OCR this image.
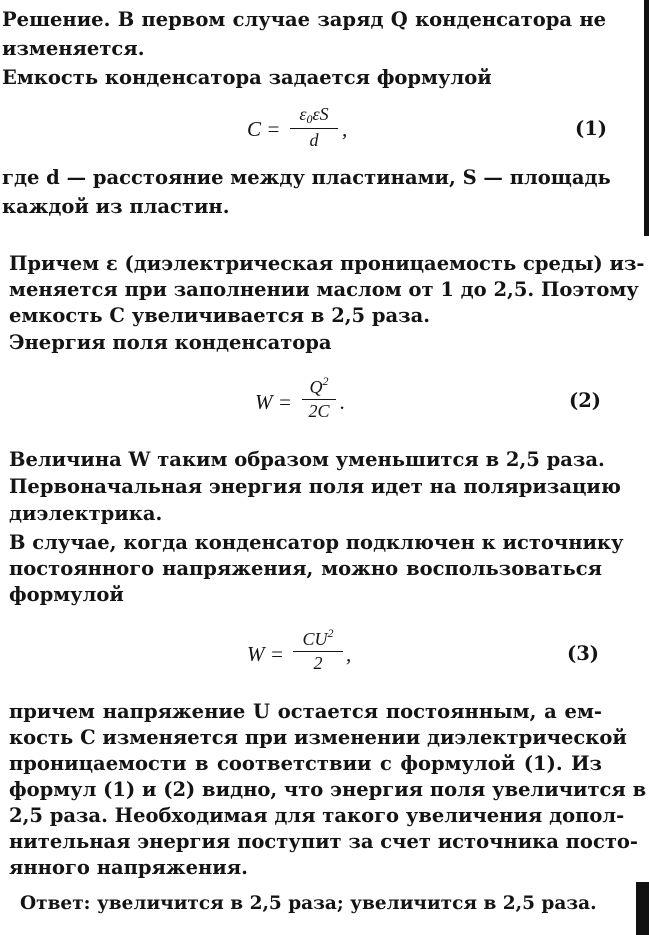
Решение. В первом случае заряд Q конденсатора не
изменяется.
Емкость конденсатора задается формулой
$C = \frac{\varepsilon_0\varepsilon S}{d}$ ,	(1)
где d — расстояние между пластинами, S — площадь
каждой из пластин.
Причем ε (диэлектрическая проницаемость среды) из-
меняется при заполнении маслом от 1 до 2,5. Поэтому
емкость C увеличивается в 2,5 раза.
Энергия поля конденсатора
$W = \frac{Q^2}{2C}$ .	(2)
Величина W таким образом уменьшится в 2,5 раза.
Первоначальная энергия поля идет на поляризацию
диэлектрика.
В случае, когда конденсатор подключен к источнику
постоянного напряжения, можно воспользоваться
формулой
$W = \frac{CU^2}{2}$ ,	(3)
причем напряжение U остается постоянным, а ем-
кость C изменяется при изменении диэлектрической
проницаемости в соответствии с формулой (1). Из
формул (1) и (2) видно, что энергия поля увеличится в
2,5 раза. Необходимая для такого увеличения допол-
нительная энергия поступит за счет источника посто-
янного напряжения.
Ответ: увеличится в 2,5 раза; увеличится в 2,5 раза.
